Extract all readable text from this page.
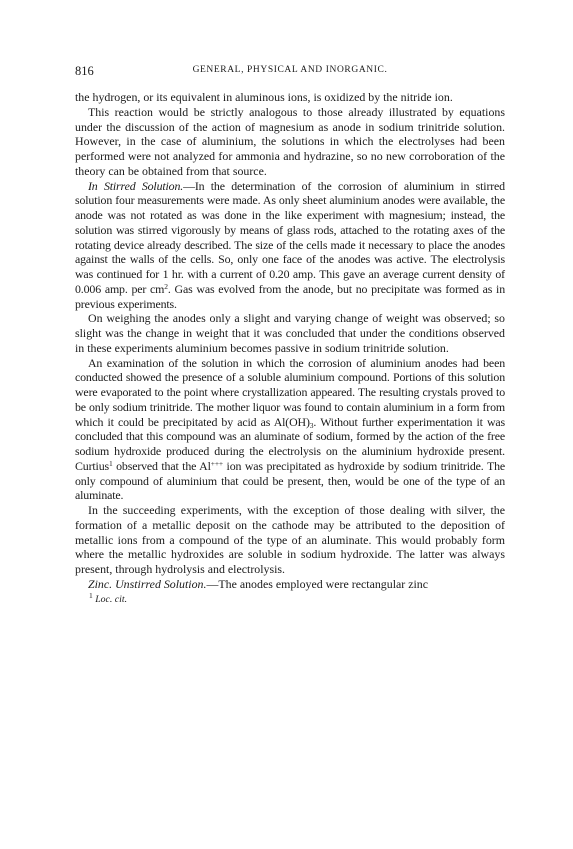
816	GENERAL, PHYSICAL AND INORGANIC.

the hydrogen, or its equivalent in aluminous ions, is oxidized by the nitride ion.

This reaction would be strictly analogous to those already illustrated by equations under the discussion of the action of magnesium as anode in sodium trinitride solution. However, in the case of aluminium, the solutions in which the electrolyses had been performed were not analyzed for ammonia and hydrazine, so no new corroboration of the theory can be obtained from that source.

In Stirred Solution.—In the determination of the corrosion of aluminium in stirred solution four measurements were made. As only sheet aluminium anodes were available, the anode was not rotated as was done in the like experiment with magnesium; instead, the solution was stirred vigorously by means of glass rods, attached to the rotating axes of the rotating device already described. The size of the cells made it necessary to place the anodes against the walls of the cells. So, only one face of the anodes was active. The electrolysis was continued for 1 hr. with a current of 0.20 amp. This gave an average current density of 0.006 amp. per $cm^2$. Gas was evolved from the anode, but no precipitate was formed as in previous experiments.

On weighing the anodes only a slight and varying change of weight was observed; so slight was the change in weight that it was concluded that under the conditions observed in these experiments aluminium becomes passive in sodium trinitride solution.

An examination of the solution in which the corrosion of aluminium anodes had been conducted showed the presence of a soluble aluminium compound. Portions of this solution were evaporated to the point where crystallization appeared. The resulting crystals proved to be only sodium trinitride. The mother liquor was found to contain aluminium in a form from which it could be precipitated by acid as $Al(OH)_3$. Without further experimentation it was concluded that this compound was an aluminate of sodium, formed by the action of the free sodium hydroxide produced during the electrolysis on the aluminium hydroxide present. Curtius$^1$ observed that the Al+++ ion was precipitated as hydroxide by sodium trinitride. The only compound of aluminium that could be present, then, would be one of the type of an aluminate.

In the succeeding experiments, with the exception of those dealing with silver, the formation of a metallic deposit on the cathode may be attributed to the deposition of metallic ions from a compound of the type of an aluminate. This would probably form where the metallic hydroxides are soluble in sodium hydroxide. The latter was always present, through hydrolysis and electrolysis.

Zinc. Unstirred Solution.—The anodes employed were rectangular zinc

$^1$ Loc. cit.
